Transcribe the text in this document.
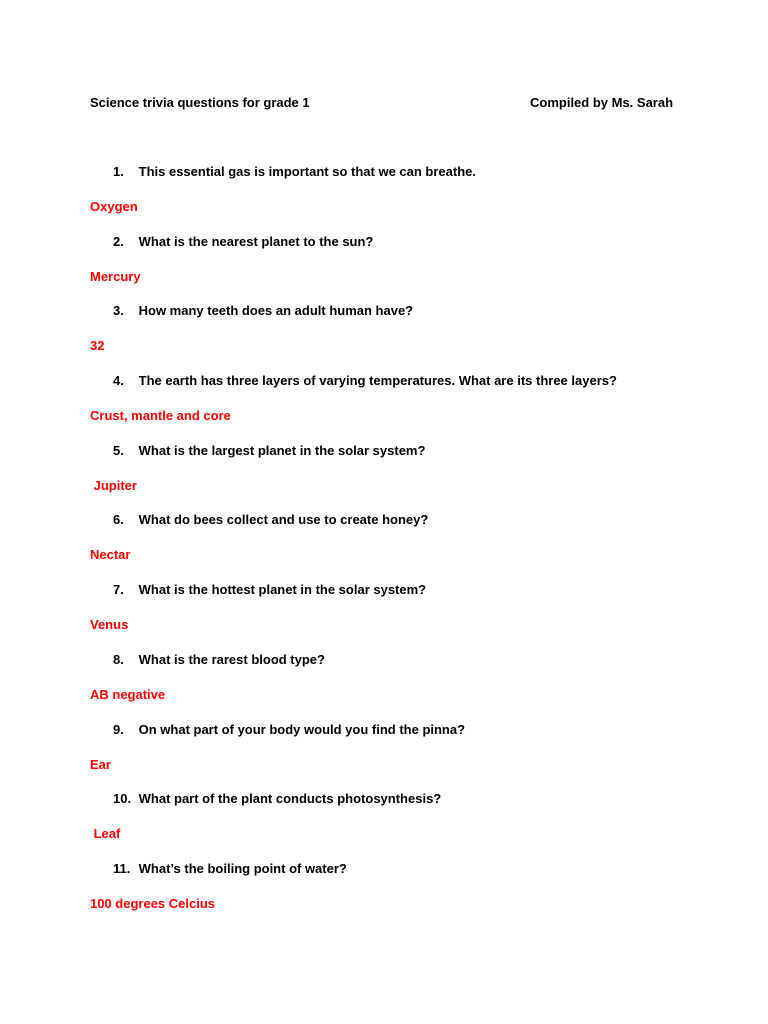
Science trivia questions for grade 1	Compiled by Ms. Sarah
1. This essential gas is important so that we can breathe.
Oxygen
2. What is the nearest planet to the sun?
Mercury
3. How many teeth does an adult human have?
32
4. The earth has three layers of varying temperatures. What are its three layers?
Crust, mantle and core
5. What is the largest planet in the solar system?
Jupiter
6. What do bees collect and use to create honey?
Nectar
7. What is the hottest planet in the solar system?
Venus
8. What is the rarest blood type?
AB negative
9. On what part of your body would you find the pinna?
Ear
10. What part of the plant conducts photosynthesis?
Leaf
11. What’s the boiling point of water?
100 degrees Celcius
